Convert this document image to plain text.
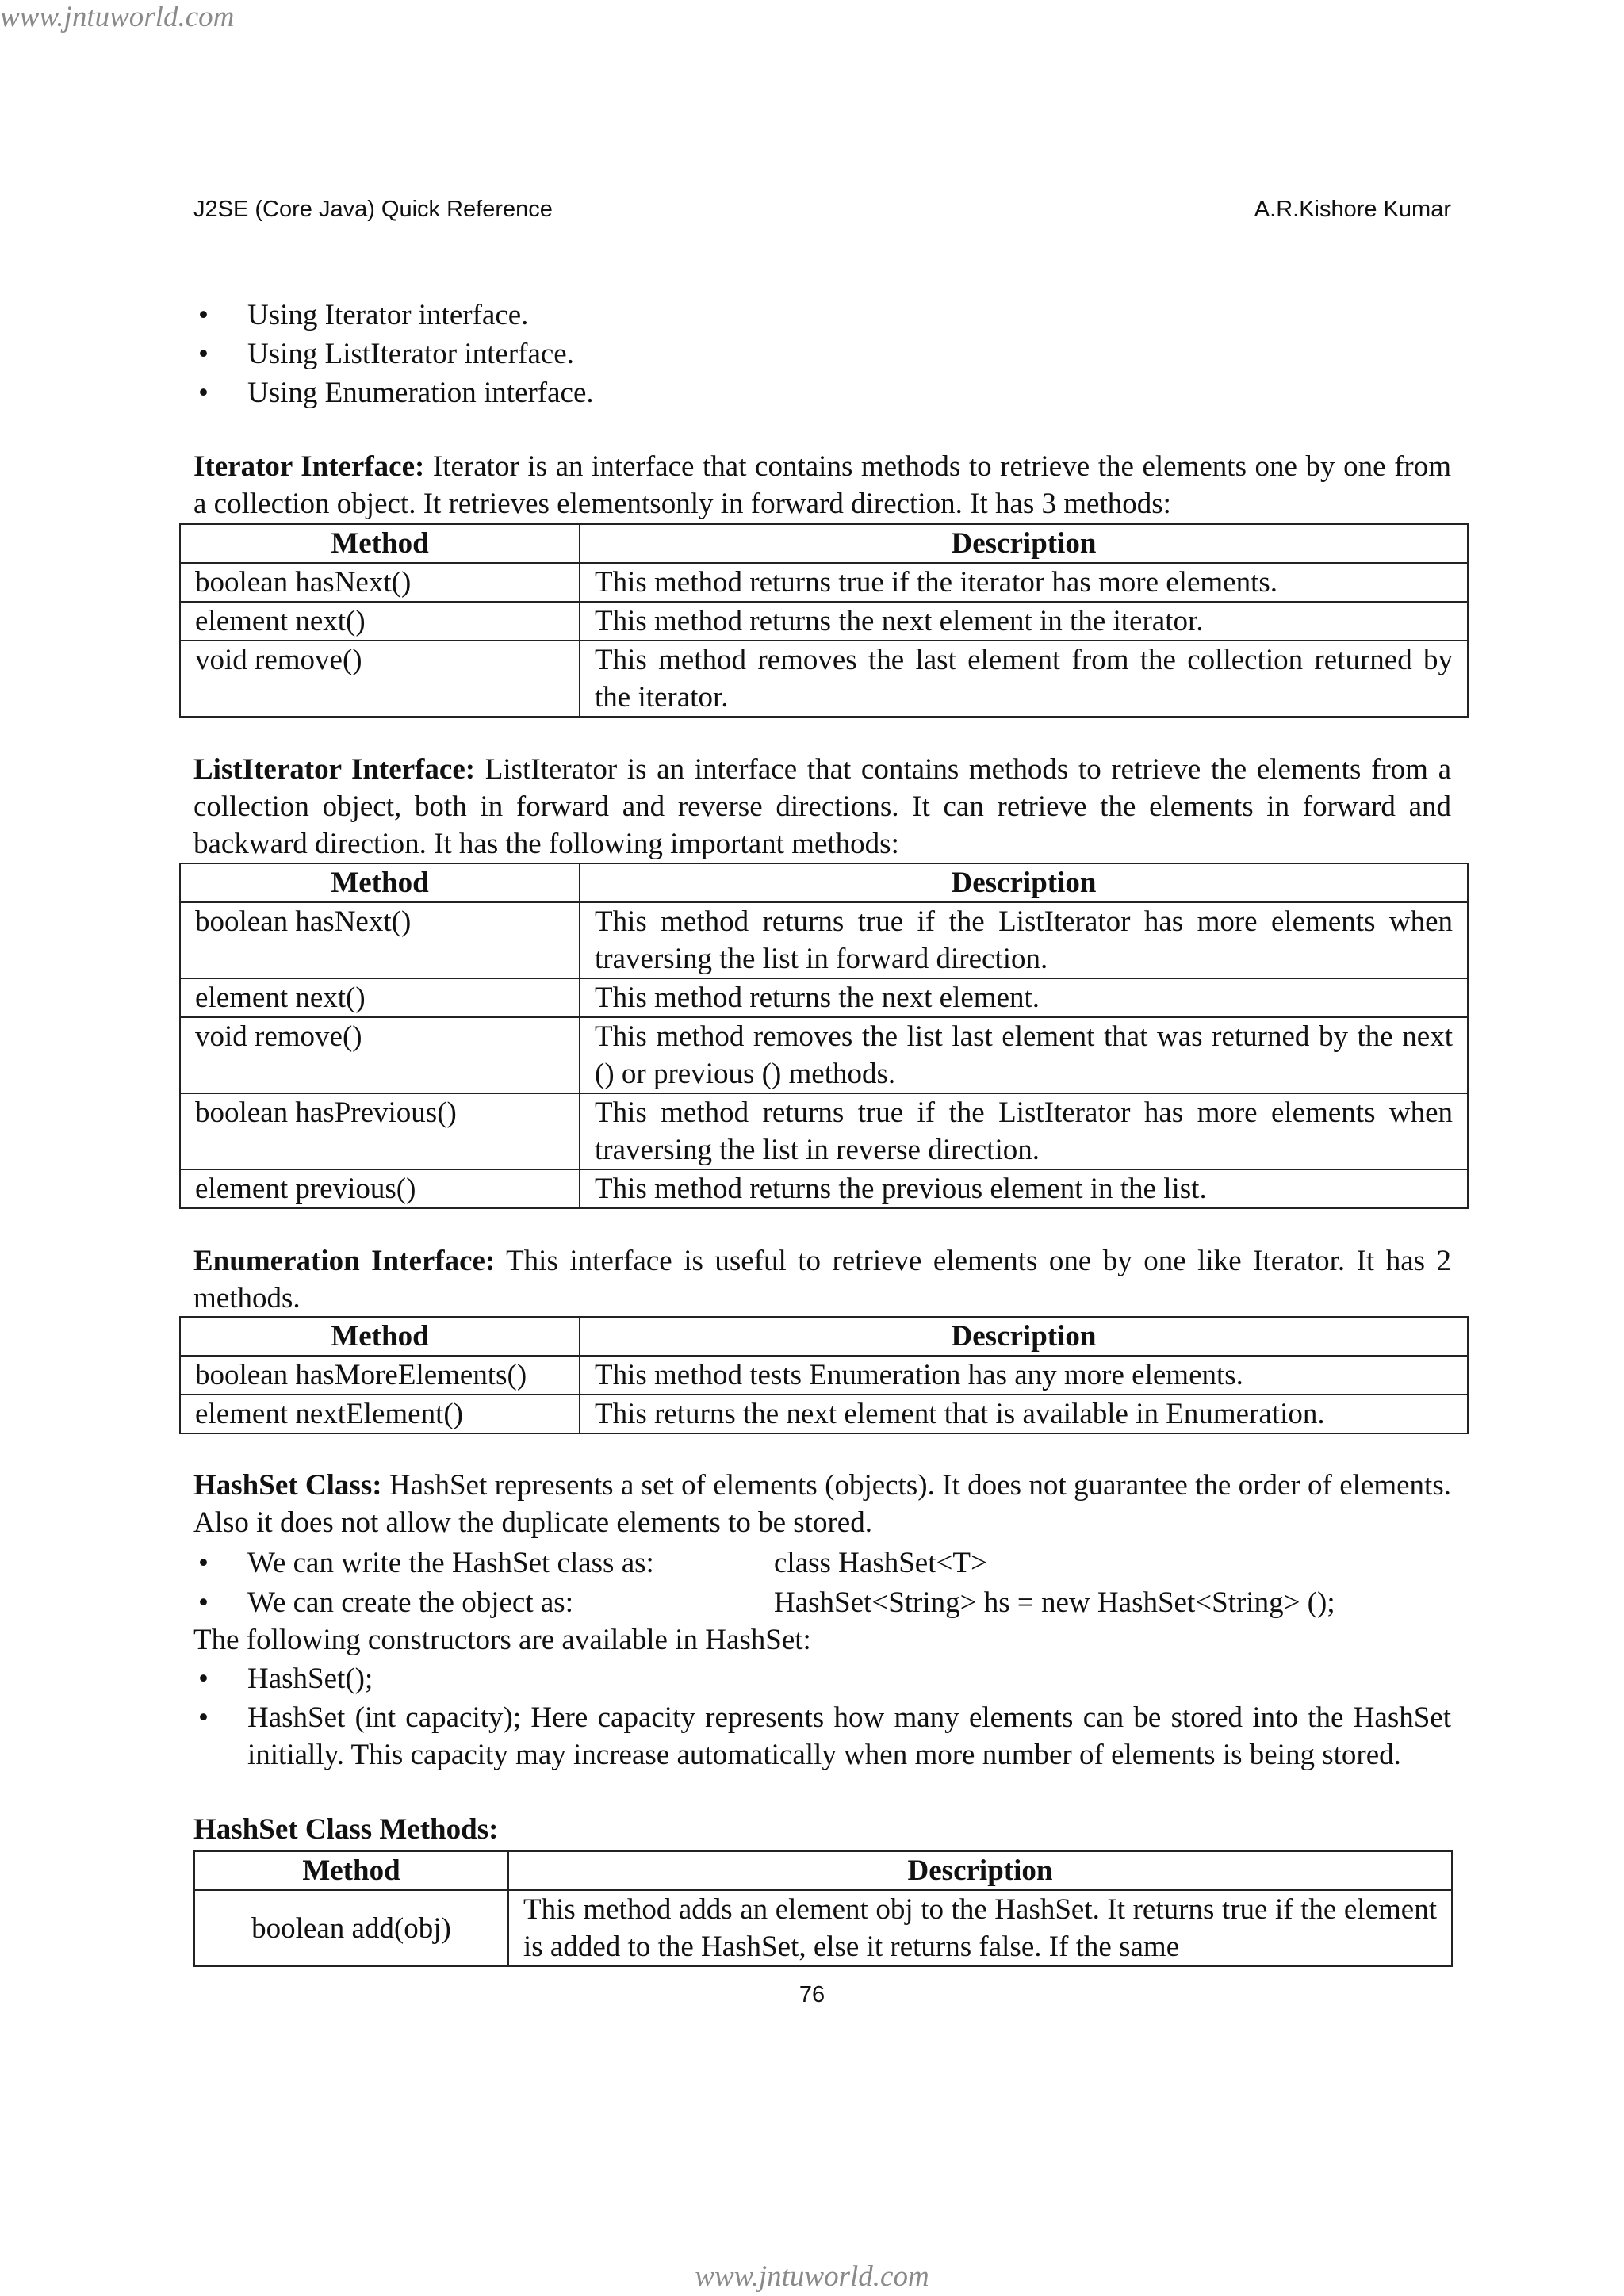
www.jntuworld.com
J2SE (Core Java) Quick Reference	A.R.Kishore Kumar
• Using Iterator interface.
• Using ListIterator interface.
• Using Enumeration interface.
Iterator Interface: Iterator is an interface that contains methods to retrieve the elements one by one from a collection object. It retrieves elementsonly in forward direction. It has 3 methods:
Method	Description
boolean hasNext()	This method returns true if the iterator has more elements.
element next()	This method returns the next element in the iterator.
void remove()	This method removes the last element from the collection returned by the iterator.
ListIterator Interface: ListIterator is an interface that contains methods to retrieve the elements from a collection object, both in forward and reverse directions. It can retrieve the elements in forward and backward direction. It has the following important methods:
Method	Description
boolean hasNext()	This method returns true if the ListIterator has more elements when traversing the list in forward direction.
element next()	This method returns the next element.
void remove()	This method removes the list last element that was returned by the next () or previous () methods.
boolean hasPrevious()	This method returns true if the ListIterator has more elements when traversing the list in reverse direction.
element previous()	This method returns the previous element in the list.
Enumeration Interface: This interface is useful to retrieve elements one by one like Iterator. It has 2 methods.
Method	Description
boolean hasMoreElements()	This method tests Enumeration has any more elements.
element nextElement()	This returns the next element that is available in Enumeration.
HashSet Class: HashSet represents a set of elements (objects). It does not guarantee the order of elements. Also it does not allow the duplicate elements to be stored.
• We can write the HashSet class as:	class HashSet<T>
• We can create the object as:	HashSet<String> hs = new HashSet<String> ();
The following constructors are available in HashSet:
• HashSet();
• HashSet (int capacity); Here capacity represents how many elements can be stored into the HashSet initially. This capacity may increase automatically when more number of elements is being stored.
HashSet Class Methods:
Method	Description
boolean add(obj)	This method adds an element obj to the HashSet. It returns true if the element is added to the HashSet, else it returns false. If the same
76
www.jntuworld.com
